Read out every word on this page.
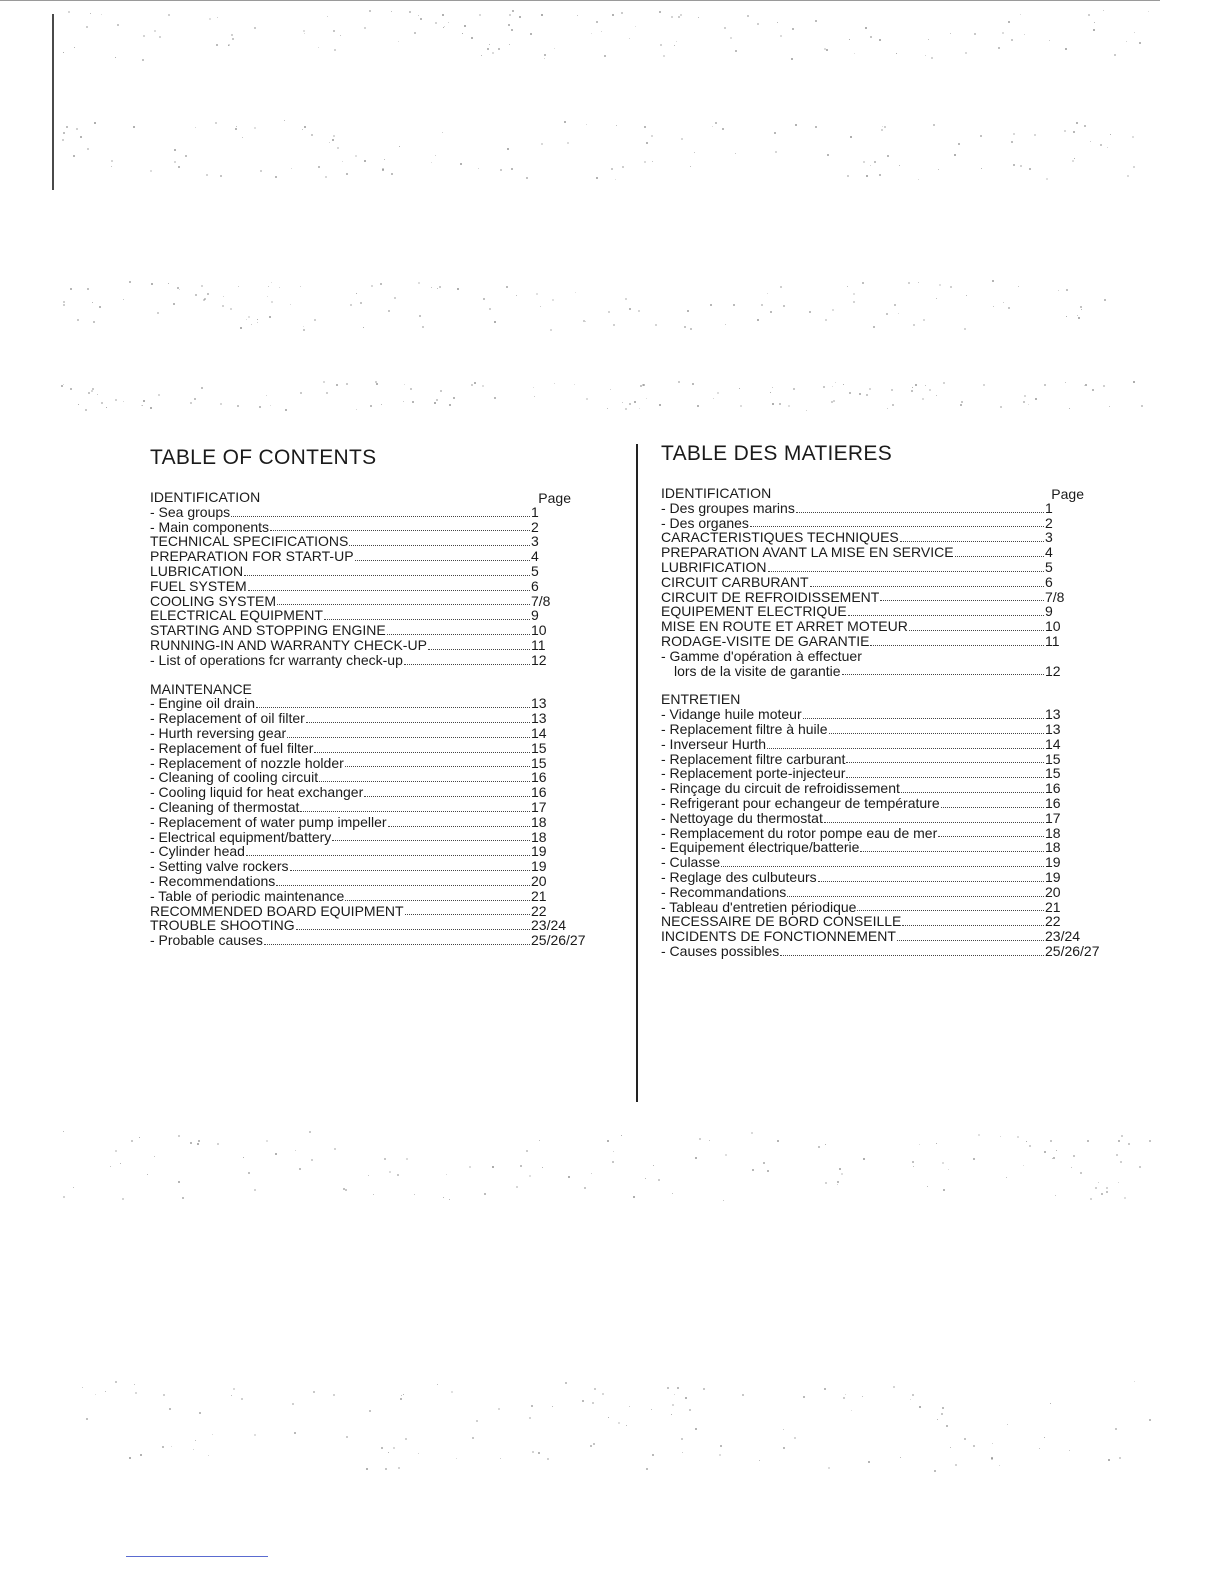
TABLE OF CONTENTS
Page
IDENTIFICATION
- Sea groups	1
- Main components	2
TECHNICAL SPECIFICATIONS	3
PREPARATION FOR START-UP	4
LUBRICATION	5
FUEL SYSTEM	6
COOLING SYSTEM	7/8
ELECTRICAL EQUIPMENT	9
STARTING AND STOPPING ENGINE	10
RUNNING-IN AND WARRANTY CHECK-UP	11
- List of operations fcr warranty check-up	12
MAINTENANCE
- Engine oil drain	13
- Replacement of oil filter	13
- Hurth reversing gear	14
- Replacement of fuel filter	15
- Replacement of nozzle holder	15
- Cleaning of cooling circuit	16
- Cooling liquid for heat exchanger	16
- Cleaning of thermostat	17
- Replacement of water pump impeller	18
- Electrical equipment/battery	18
- Cylinder head	19
- Setting valve rockers	19
- Recommendations	20
- Table of periodic maintenance	21
RECOMMENDED BOARD EQUIPMENT	22
TROUBLE SHOOTING	23/24
- Probable causes	25/26/27
TABLE DES MATIERES
Page
IDENTIFICATION
- Des groupes marins	1
- Des organes	2
CARACTERISTIQUES TECHNIQUES	3
PREPARATION AVANT LA MISE EN SERVICE	4
LUBRIFICATION	5
CIRCUIT CARBURANT	6
CIRCUIT DE REFROIDISSEMENT	7/8
EQUIPEMENT ELECTRIQUE	9
MISE EN ROUTE ET ARRET MOTEUR	10
RODAGE-VISITE DE GARANTIE	11
- Gamme d'opération à effectuer
lors de la visite de garantie	12
ENTRETIEN
- Vidange huile moteur	13
- Replacement filtre à huile	13
- Inverseur Hurth	14
- Replacement filtre carburant	15
- Replacement porte-injecteur	15
- Rinçage du circuit de refroidissement	16
- Refrigerant pour echangeur de température	16
- Nettoyage du thermostat	17
- Remplacement du rotor pompe eau de mer	18
- Equipement électrique/batterie	18
- Culasse	19
- Reglage des culbuteurs	19
- Recommandations	20
- Tableau d'entretien périodique	21
NECESSAIRE DE BORD CONSEILLE	22
INCIDENTS DE FONCTIONNEMENT	23/24
- Causes possibles	25/26/27
